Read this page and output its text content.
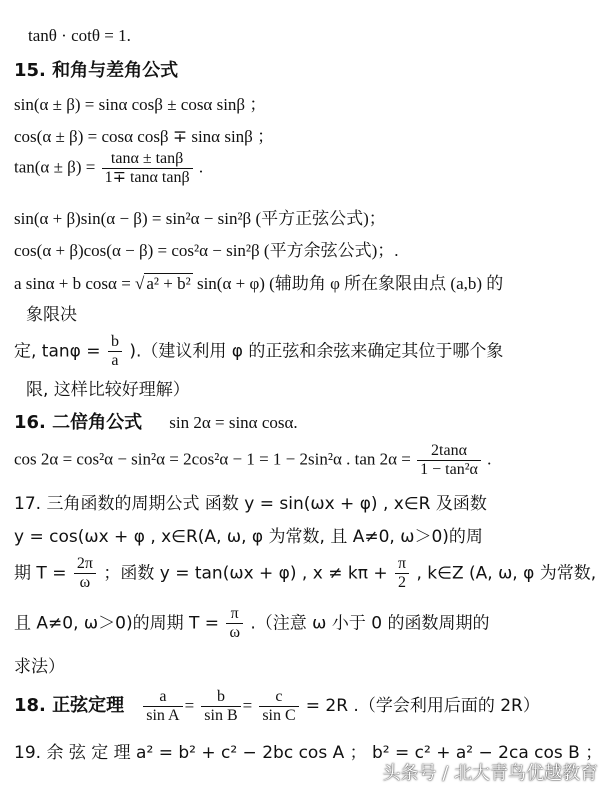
tanθ · cotθ = 1.
15. 和角与差角公式
sin(α ± β) = sinα cosβ ± cosα sinβ ；
cos(α ± β) = cosα cosβ ∓ sinα sinβ ；
$\tan(\alpha \pm \beta) = \frac{\tan\alpha \pm \tan\beta}{\text{1∓ tanα tanβ}}$ .
sin(α + β)sin(α − β) = sin²α − sin²β (平方正弦公式)；
cos(α + β)cos(α − β) = cos²α − sin²β (平方余弦公式)；.
a sinα + b cosα = √ a² + b² sin(α + φ) (辅助角 φ 所在象限由点 (a,b) 的
象限决
定, $\tan\varphi = \frac{b}{a}$ ).（建议利用 φ 的正弦和余弦来确定其位于哪个象
限, 这样比较好理解）
16. 二倍角公式 sin 2α = sinα cosα.
cos 2α = cos²α − sin²α = 2cos²α − 1 = 1 − 2sin²α . $\tan 2\alpha = \frac{2\tan\alpha}{\text{1 − tan²α}}$ .
17. 三角函数的周期公式 函数 y = sin(ωx + φ) , x∈R 及函数
y = cos(ωx + φ , x∈R(A, ω, φ 为常数, 且 A≠0, ω＞0)的周
期 $T = \frac{2\pi}{\omega}$ ；函数 y = tan(ωx + φ) , $x \ne k\pi + \frac{\pi}{2}$ , k∈Z (A, ω, φ 为常数,
且 A≠0, ω＞0)的周期 $T = \frac{\pi}{\omega}$ .（注意 ω 小于 0 的函数周期的
求法）
18. 正弦定理 $\frac{a}{\text{sin A}} = \frac{b}{\text{sin B}} = \frac{c}{\text{sin C}} = 2R$ .（学会利用后面的 2R）
19. 余 弦 定 理 a² = b² + c² − 2bc cos A ； b² = c² + a² − 2ca cos B ；
头条号 / 北大青鸟优越教育
